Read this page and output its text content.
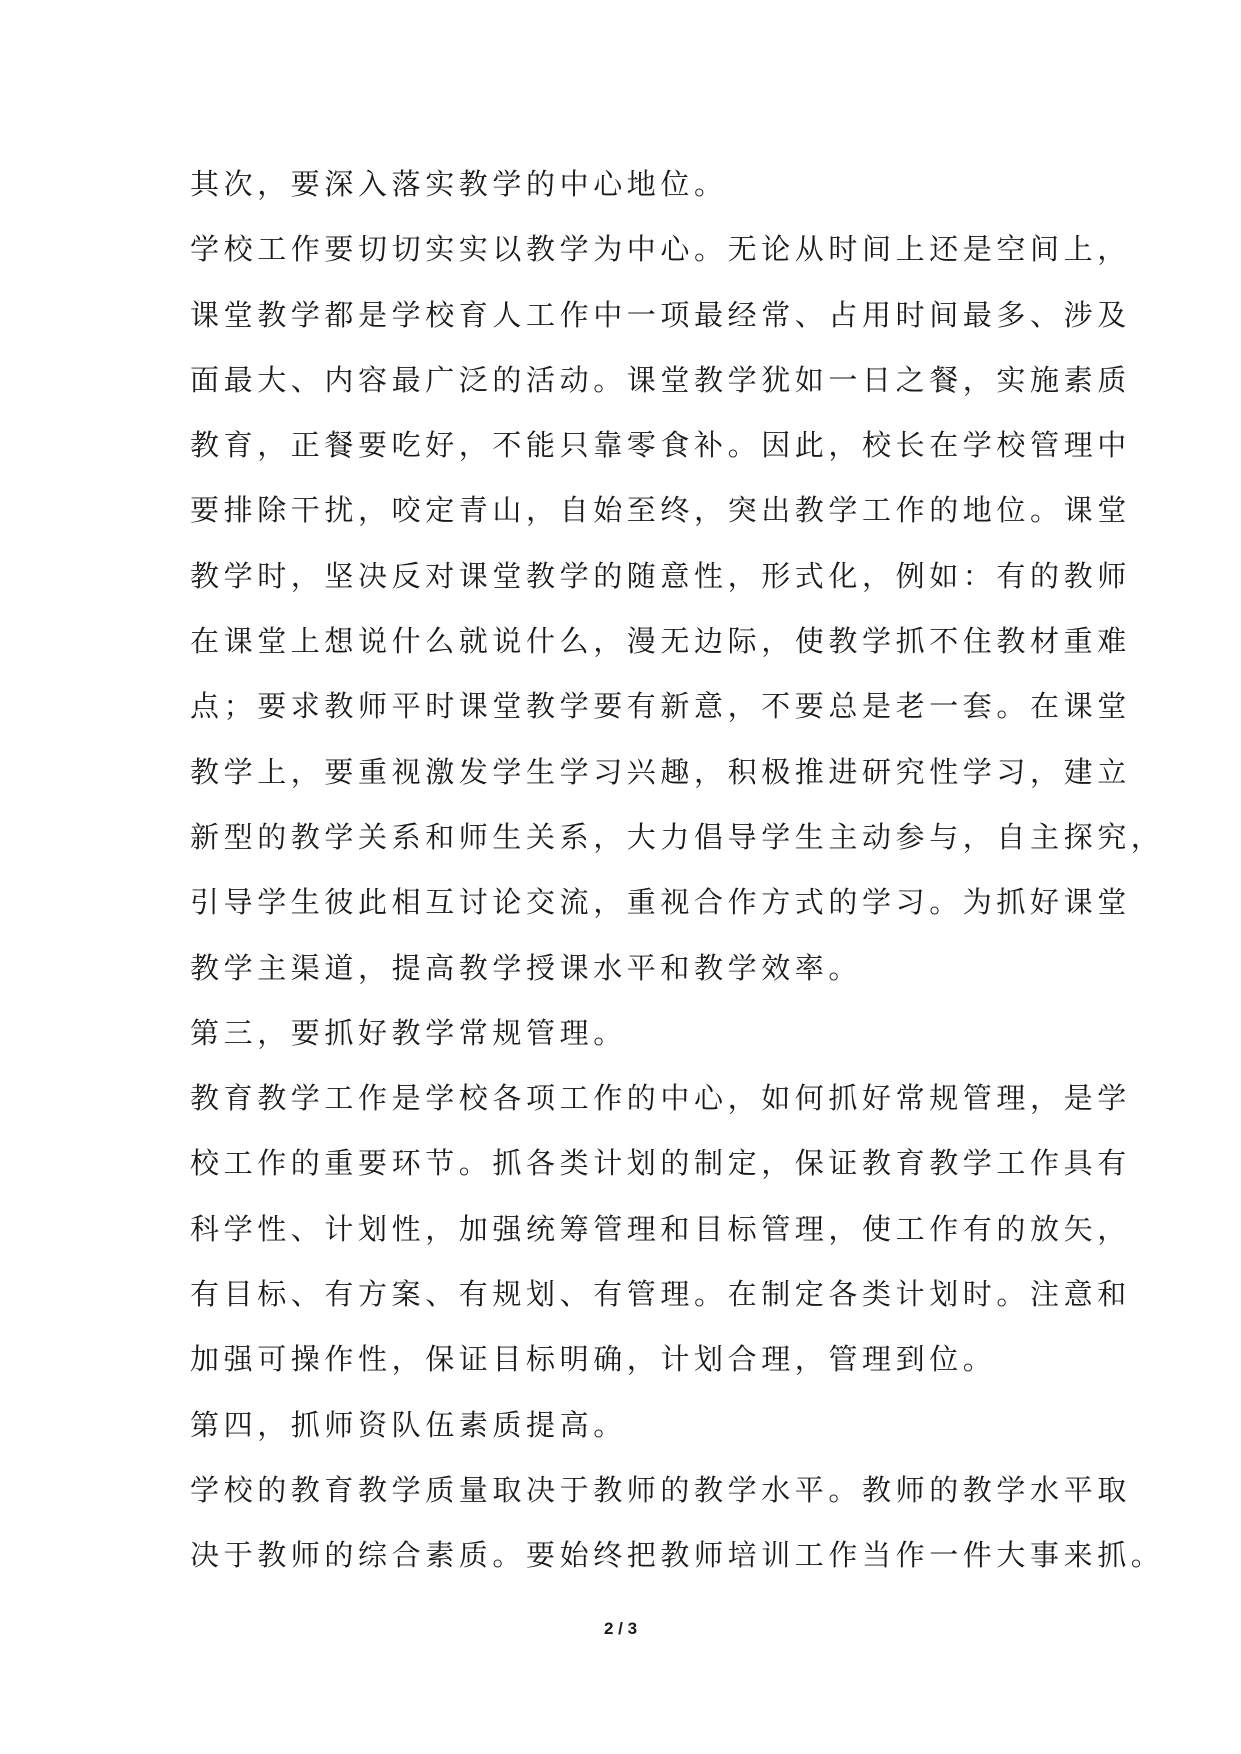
其次，要深入落实教学的中心地位。
学校工作要切切实实以教学为中心。无论从时间上还是空间上，
课堂教学都是学校育人工作中一项最经常、占用时间最多、涉及
面最大、内容最广泛的活动。课堂教学犹如一日之餐，实施素质
教育，正餐要吃好，不能只靠零食补。因此，校长在学校管理中
要排除干扰，咬定青山，自始至终，突出教学工作的地位。课堂
教学时，坚决反对课堂教学的随意性，形式化，例如：有的教师
在课堂上想说什么就说什么，漫无边际，使教学抓不住教材重难
点；要求教师平时课堂教学要有新意，不要总是老一套。在课堂
教学上，要重视激发学生学习兴趣，积极推进研究性学习，建立
新型的教学关系和师生关系，大力倡导学生主动参与，自主探究，
引导学生彼此相互讨论交流，重视合作方式的学习。为抓好课堂
教学主渠道，提高教学授课水平和教学效率。
第三，要抓好教学常规管理。
教育教学工作是学校各项工作的中心，如何抓好常规管理，是学
校工作的重要环节。抓各类计划的制定，保证教育教学工作具有
科学性、计划性，加强统筹管理和目标管理，使工作有的放矢，
有目标、有方案、有规划、有管理。在制定各类计划时。注意和
加强可操作性，保证目标明确，计划合理，管理到位。
第四，抓师资队伍素质提高。
学校的教育教学质量取决于教师的教学水平。教师的教学水平取
决于教师的综合素质。要始终把教师培训工作当作一件大事来抓。
2 / 3
